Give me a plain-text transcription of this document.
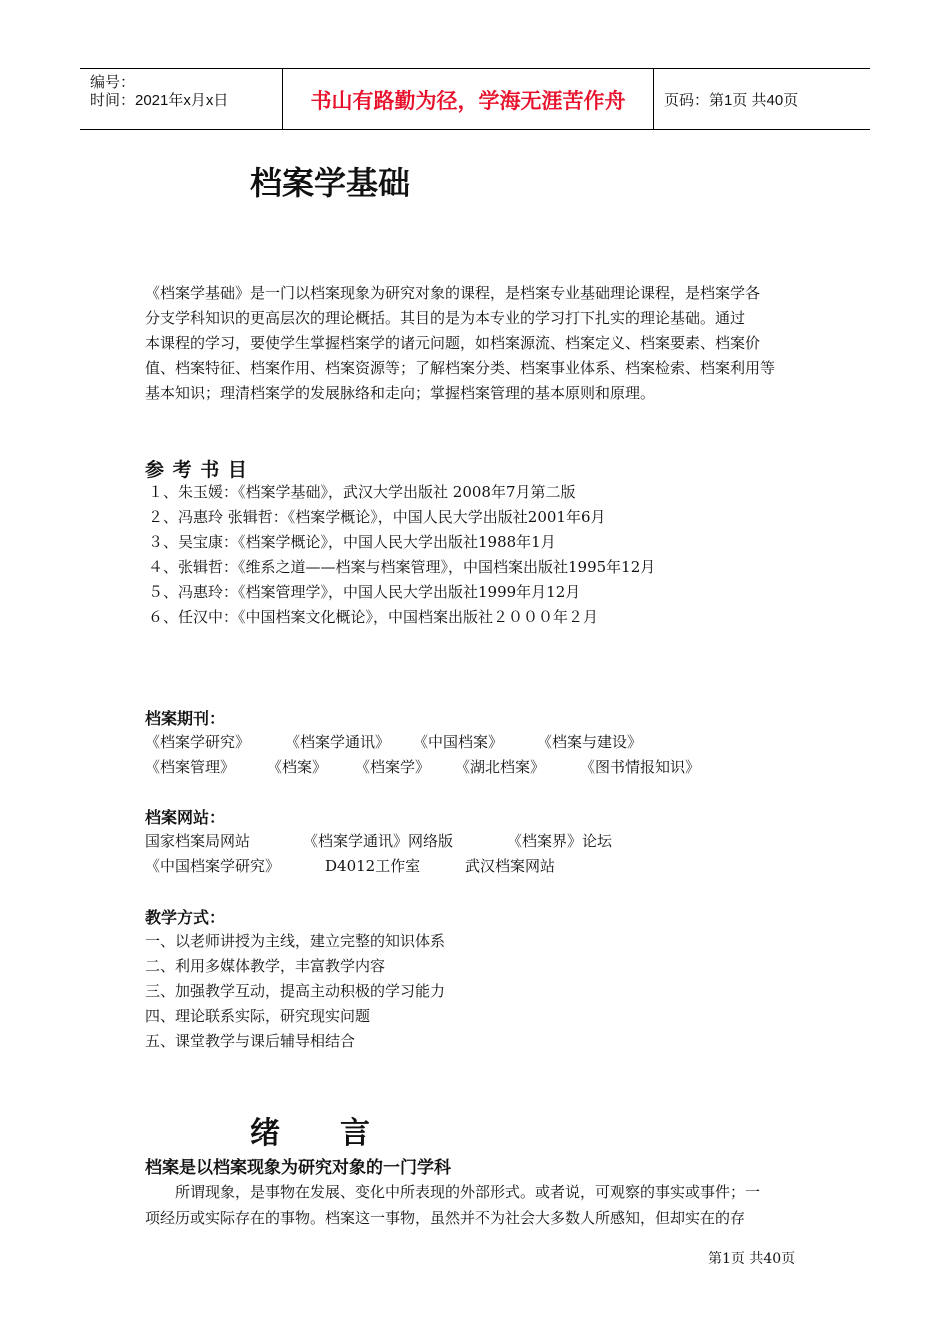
编号：
时间：2021年x月x日	书山有路勤为径，学海无涯苦作舟	页码：第1页 共40页
档案学基础
《档案学基础》是一门以档案现象为研究对象的课程，是档案专业基础理论课程，是档案学各
分支学科知识的更高层次的理论概括。其目的是为本专业的学习打下扎实的理论基础。通过
本课程的学习，要使学生掌握档案学的诸元问题，如档案源流、档案定义、档案要素、档案价
值、档案特征、档案作用、档案资源等；了解档案分类、档案事业体系、档案检索、档案利用等
基本知识；理清档案学的发展脉络和走向；掌握档案管理的基本原则和原理。
参 考 书 目
１、朱玉媛：《档案学基础》，武汉大学出版社 2008年7月第二版
２、冯惠玲 张辑哲：《档案学概论》，中国人民大学出版社2001年6月
３、吴宝康：《档案学概论》，中国人民大学出版社1988年1月
４、张辑哲：《维系之道——档案与档案管理》，中国档案出版社1995年12月
５、冯惠玲：《档案管理学》，中国人民大学出版社1999年月12月
６、任汉中：《中国档案文化概论》，中国档案出版社２０００年２月
档案期刊：
《档案学研究》 《档案学通讯》 《中国档案》 《档案与建设》
《档案管理》 《档案》 《档案学》 《湖北档案》 《图书情报知识》
档案网站：
国家档案局网站	《档案学通讯》网络版	《档案界》论坛
《中国档案学研究》	D4012工作室	武汉档案网站
教学方式：
一、以老师讲授为主线，建立完整的知识体系
二、利用多媒体教学，丰富教学内容
三、加强教学互动，提高主动积极的学习能力
四、理论联系实际，研究现实问题
五、课堂教学与课后辅导相结合
绪 言
档案是以档案现象为研究对象的一门学科
所谓现象，是事物在发展、变化中所表现的外部形式。或者说，可观察的事实或事件；一
项经历或实际存在的事物。档案这一事物，虽然并不为社会大多数人所感知，但却实在的存
第1页 共40页
